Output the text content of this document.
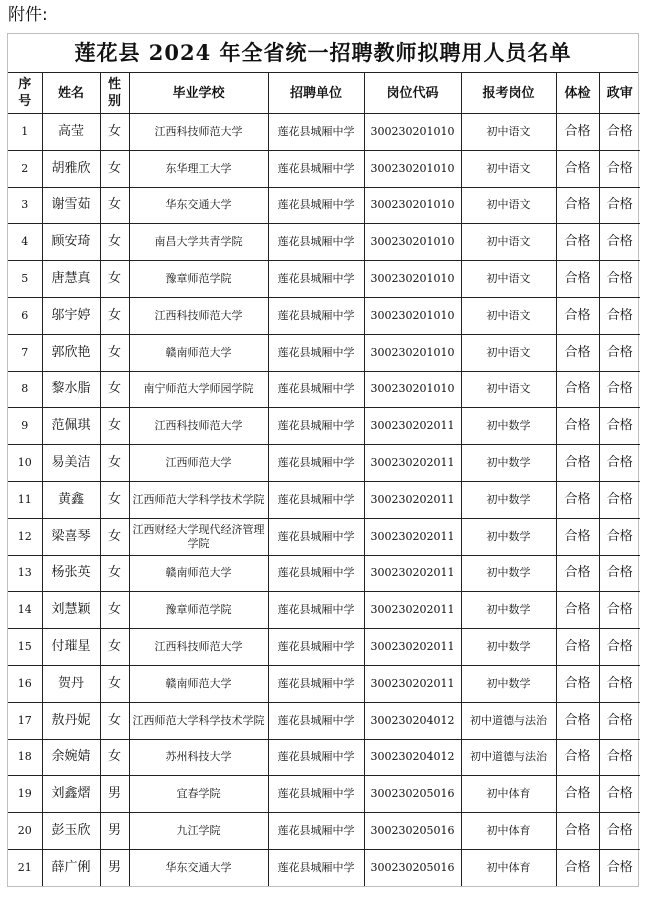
附件:
莲花县 2024 年全省统一招聘教师拟聘用人员名单
序号	姓名	性别	毕业学校	招聘单位	岗位代码	报考岗位	体检	政审
1	高莹	女	江西科技师范大学	莲花县城厢中学	300230201010	初中语文	合格	合格
2	胡雅欣	女	东华理工大学	莲花县城厢中学	300230201010	初中语文	合格	合格
3	谢雪茹	女	华东交通大学	莲花县城厢中学	300230201010	初中语文	合格	合格
4	顾安琦	女	南昌大学共青学院	莲花县城厢中学	300230201010	初中语文	合格	合格
5	唐慧真	女	豫章师范学院	莲花县城厢中学	300230201010	初中语文	合格	合格
6	邬宇婷	女	江西科技师范大学	莲花县城厢中学	300230201010	初中语文	合格	合格
7	郭欣艳	女	赣南师范大学	莲花县城厢中学	300230201010	初中语文	合格	合格
8	黎水脂	女	南宁师范大学师园学院	莲花县城厢中学	300230201010	初中语文	合格	合格
9	范佩琪	女	江西科技师范大学	莲花县城厢中学	300230202011	初中数学	合格	合格
10	易美洁	女	江西师范大学	莲花县城厢中学	300230202011	初中数学	合格	合格
11	黄鑫	女	江西师范大学科学技术学院	莲花县城厢中学	300230202011	初中数学	合格	合格
12	梁喜琴	女	江西财经大学现代经济管理学院	莲花县城厢中学	300230202011	初中数学	合格	合格
13	杨张英	女	赣南师范大学	莲花县城厢中学	300230202011	初中数学	合格	合格
14	刘慧颖	女	豫章师范学院	莲花县城厢中学	300230202011	初中数学	合格	合格
15	付璀星	女	江西科技师范大学	莲花县城厢中学	300230202011	初中数学	合格	合格
16	贺丹	女	赣南师范大学	莲花县城厢中学	300230202011	初中数学	合格	合格
17	敖丹妮	女	江西师范大学科学技术学院	莲花县城厢中学	300230204012	初中道德与法治	合格	合格
18	余婉婧	女	苏州科技大学	莲花县城厢中学	300230204012	初中道德与法治	合格	合格
19	刘鑫熠	男	宜春学院	莲花县城厢中学	300230205016	初中体育	合格	合格
20	彭玉欣	男	九江学院	莲花县城厢中学	300230205016	初中体育	合格	合格
21	薛广俐	男	华东交通大学	莲花县城厢中学	300230205016	初中体育	合格	合格
